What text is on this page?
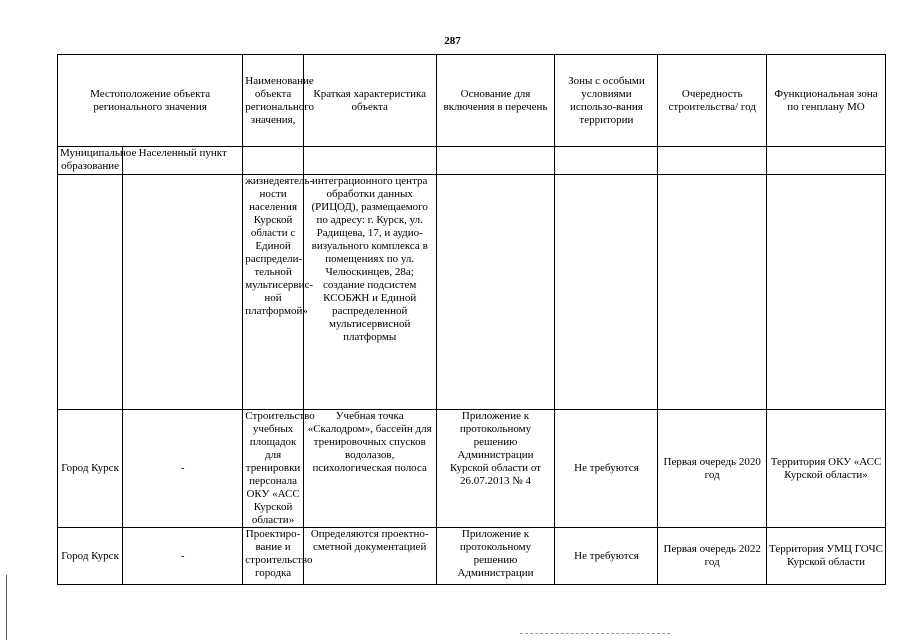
287
Местоположение объекта регионального значения		Наименование объекта регионального значения,	Краткая характеристика объекта	Основание для включения в перечень	Зоны с особыми условиями использо-вания территории	Очередность строительства/ год	Функциональная зона по генплану МО
Муниципальное образование	Населенный пункт						
		жизнедеятель-ности населения Курской области с Единой распредели-тельной мультисервис-ной платформой»	интеграционного центра обработки данных (РИЦОД), размещаемого по адресу: г. Курск, ул. Радищева, 17, и аудио-визуального комплекса в помещениях по ул. Челюскинцев, 28а; создание подсистем КСОБЖН и Единой распределенной мультисервисной платформы				
Город Курск	-	Строительство учебных площадок для тренировки персонала ОКУ «АСС Курской области»	Учебная точка «Скалодром», бассейн для тренировочных спусков водолазов, психологическая полоса	Приложение к протокольному решению Администрации Курской области от 26.07.2013 № 4	Не требуются	Первая очередь 2020 год	Территория ОКУ «АСС Курской области»
Город Курск	-	Проектиро-вание и строительство городка	Определяются проектно-сметной документацией	Приложение к протокольному решению Администрации	Не требуются	Первая очередь 2022 год	Территория УМЦ ГОЧС Курской области
